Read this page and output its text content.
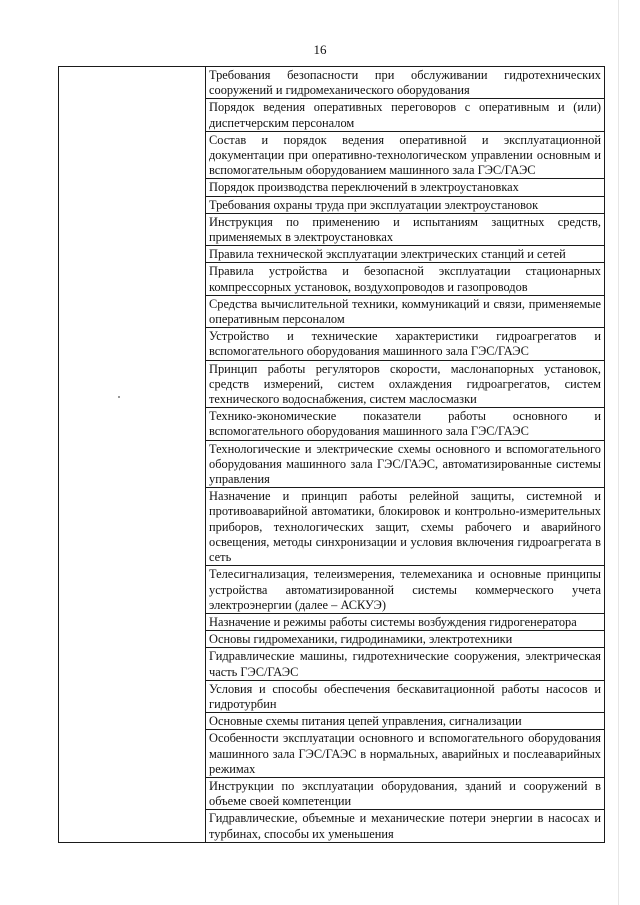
16
	Требования безопасности при обслуживании гидротехнических сооружений и гидромеханического оборудования
Порядок ведения оперативных переговоров с оперативным и (или) диспетчерским персоналом
Состав и порядок ведения оперативной и эксплуатационной документации при оперативно-технологическом управлении основным и вспомогательным оборудованием машинного зала ГЭС/ГАЭС
Порядок производства переключений в электроустановках
Требования охраны труда при эксплуатации электроустановок
Инструкция по применению и испытаниям защитных средств, применяемых в электроустановках
Правила технической эксплуатации электрических станций и сетей
Правила устройства и безопасной эксплуатации стационарных компрессорных установок, воздухопроводов и газопроводов
Средства вычислительной техники, коммуникаций и связи, применяемые оперативным персоналом
Устройство и технические характеристики гидроагрегатов и вспомогательного оборудования машинного зала ГЭС/ГАЭС
Принцип работы регуляторов скорости, маслонапорных установок, средств измерений, систем охлаждения гидроагрегатов, систем технического водоснабжения, систем маслосмазки
Технико-экономические показатели работы основного и вспомогательного оборудования машинного зала ГЭС/ГАЭС
Технологические и электрические схемы основного и вспомогательного оборудования машинного зала ГЭС/ГАЭС, автоматизированные системы управления
Назначение и принцип работы релейной защиты, системной и противоаварийной автоматики, блокировок и контрольно-измерительных приборов, технологических защит, схемы рабочего и аварийного освещения, методы синхронизации и условия включения гидроагрегата в сеть
Телесигнализация, телеизмерения, телемеханика и основные принципы устройства автоматизированной системы коммерческого учета электроэнергии (далее – АСКУЭ)
Назначение и режимы работы системы возбуждения гидрогенератора
Основы гидромеханики, гидродинамики, электротехники
Гидравлические машины, гидротехнические сооружения, электрическая часть ГЭС/ГАЭС
Условия и способы обеспечения бескавитационной работы насосов и гидротурбин
Основные схемы питания цепей управления, сигнализации
Особенности эксплуатации основного и вспомогательного оборудования машинного зала ГЭС/ГАЭС в нормальных, аварийных и послеаварийных режимах
Инструкции по эксплуатации оборудования, зданий и сооружений в объеме своей компетенции
Гидравлические, объемные и механические потери энергии в насосах и турбинах, способы их уменьшения
